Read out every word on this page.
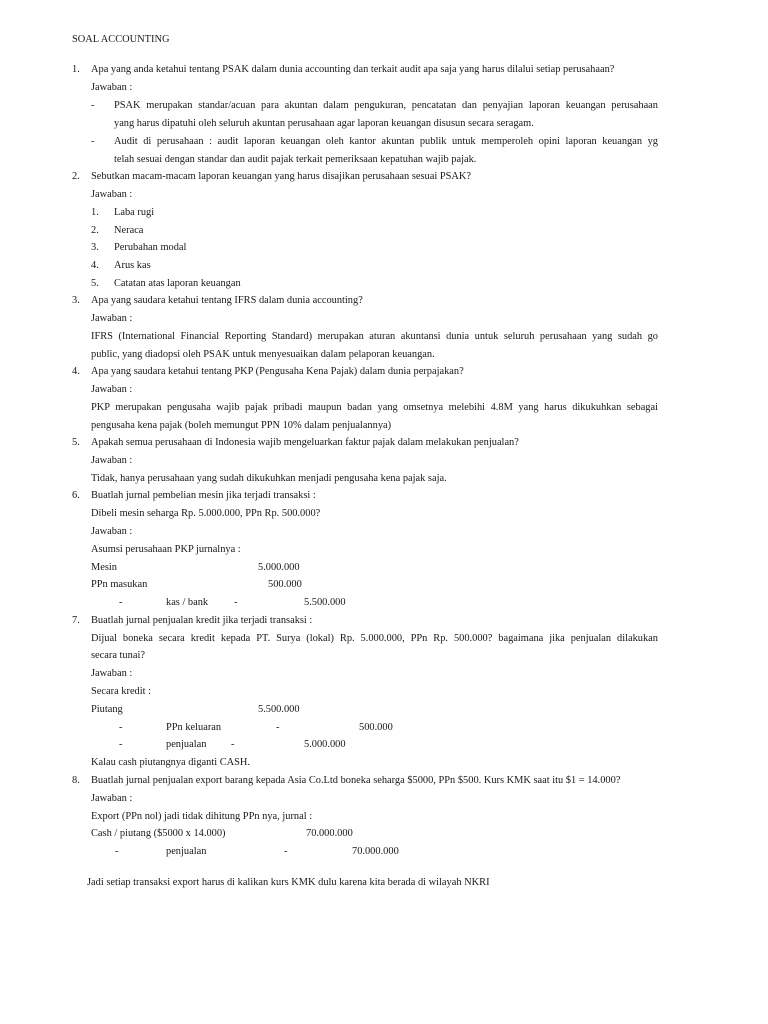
SOAL ACCOUNTING
1. Apa yang anda ketahui tentang PSAK dalam dunia accounting dan terkait audit apa saja yang harus dilalui setiap perusahaan?
Jawaban :
- PSAK merupakan standar/acuan para akuntan dalam pengukuran, pencatatan dan penyajian laporan keuangan perusahaan
yang harus dipatuhi oleh seluruh akuntan perusahaan agar laporan keuangan disusun secara seragam.
- Audit di perusahaan : audit laporan keuangan oleh kantor akuntan publik untuk memperoleh opini laporan keuangan yg
telah sesuai dengan standar dan audit pajak terkait pemeriksaan kepatuhan wajib pajak.
2. Sebutkan macam-macam laporan keuangan yang harus disajikan perusahaan sesuai PSAK?
Jawaban :
1. Laba rugi
2. Neraca
3. Perubahan modal
4. Arus kas
5. Catatan atas laporan keuangan
3. Apa yang saudara ketahui tentang IFRS dalam dunia accounting?
Jawaban :
IFRS (International Financial Reporting Standard) merupakan aturan akuntansi dunia untuk seluruh perusahaan yang sudah go
public, yang diadopsi oleh PSAK untuk menyesuaikan dalam pelaporan keuangan.
4. Apa yang saudara ketahui tentang PKP (Pengusaha Kena Pajak) dalam dunia perpajakan?
Jawaban :
PKP merupakan pengusaha wajib pajak pribadi maupun badan yang omsetnya melebihi 4.8M yang harus dikukuhkan sebagai
pengusaha kena pajak (boleh memungut PPN 10% dalam penjualannya)
5. Apakah semua perusahaan di Indonesia wajib mengeluarkan faktur pajak dalam melakukan penjualan?
Jawaban :
Tidak, hanya perusahaan yang sudah dikukuhkan menjadi pengusaha kena pajak saja.
6. Buatlah jurnal pembelian mesin jika terjadi transaksi :
Dibeli mesin seharga Rp. 5.000.000, PPn Rp. 500.000?
Jawaban :
Asumsi perusahaan PKP jurnalnya :
Mesin	5.000.000
PPn masukan	500.000
-	kas / bank -	5.500.000
7. Buatlah jurnal penjualan kredit jika terjadi transaksi :
Dijual boneka secara kredit kepada PT. Surya (lokal) Rp. 5.000.000, PPn Rp. 500.000? bagaimana jika penjualan dilakukan
secara tunai?
Jawaban :
Secara kredit :
Piutang	5.500.000
-	PPn keluaran	-	500.000
-	penjualan -	5.000.000
Kalau cash piutangnya diganti CASH.
8. Buatlah jurnal penjualan export barang kepada Asia Co.Ltd boneka seharga $5000, PPn $500. Kurs KMK saat itu $1 = 14.000?
Jawaban :
Export (PPn nol) jadi tidak dihitung PPn nya, jurnal :
Cash / piutang ($5000 x 14.000)	70.000.000
-	penjualan	-	70.000.000
Jadi setiap transaksi export harus di kalikan kurs KMK dulu karena kita berada di wilayah NKRI
